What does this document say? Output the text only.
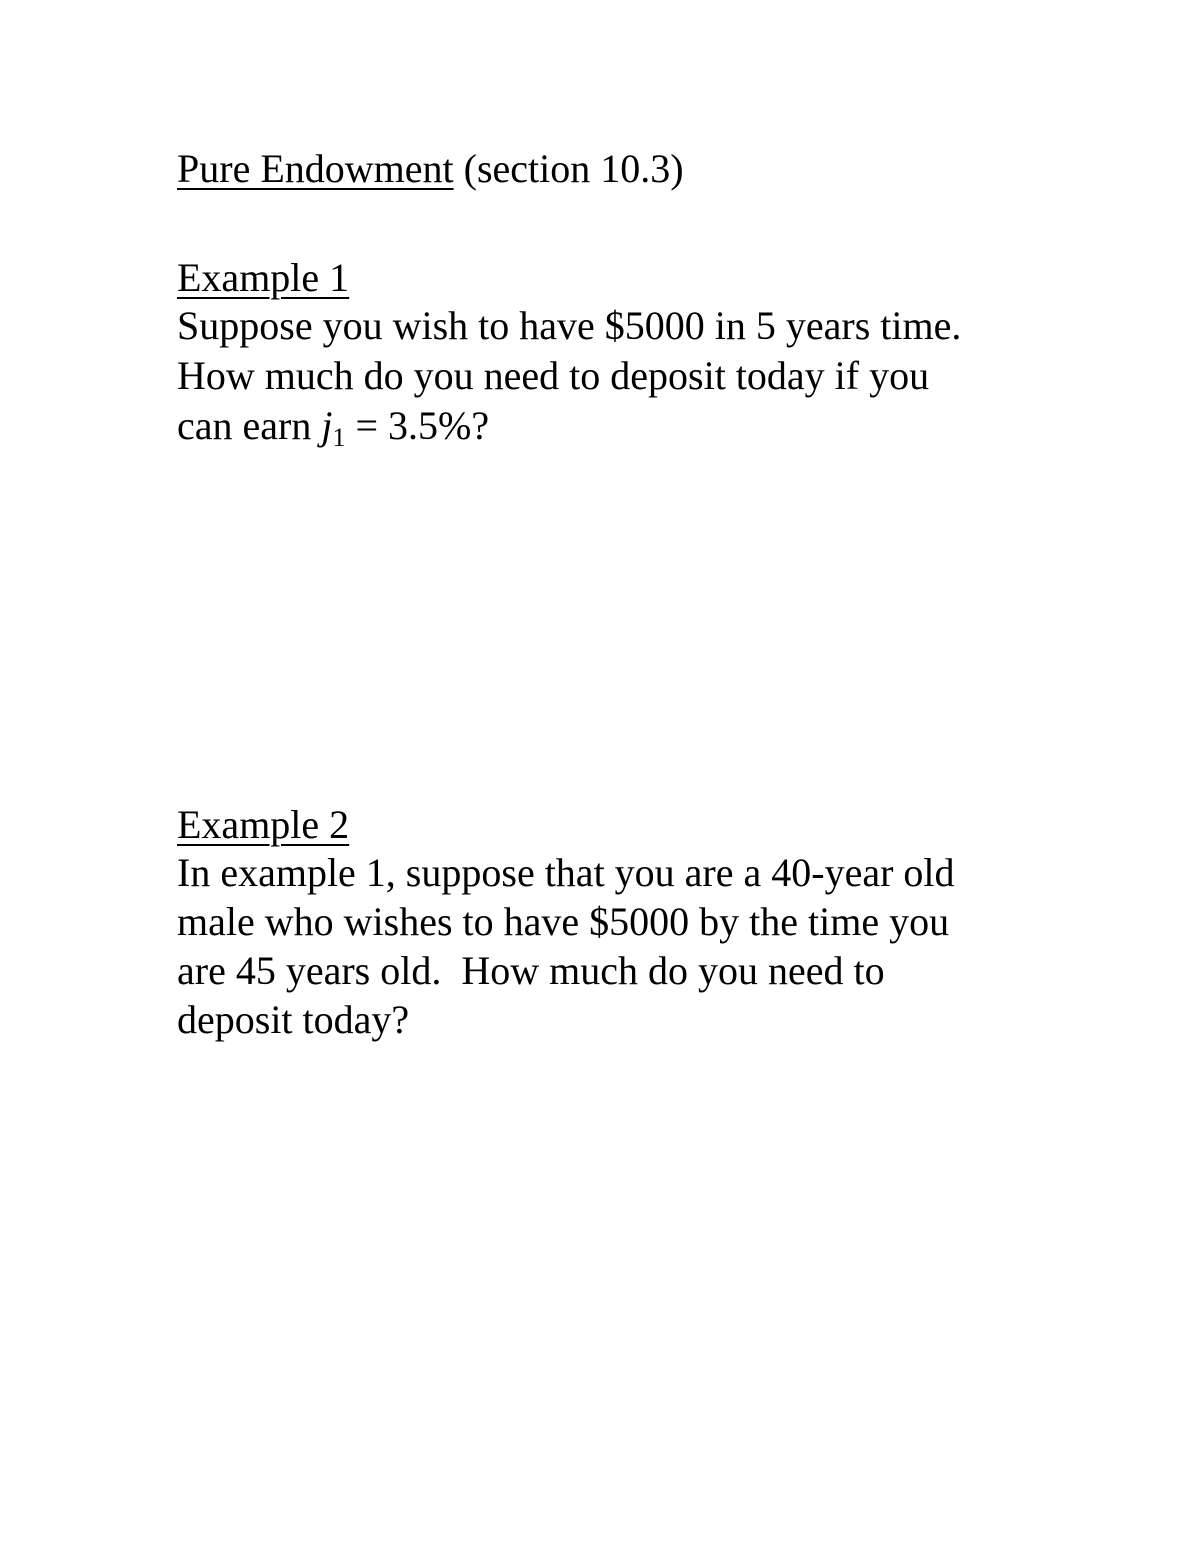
Pure Endowment (section 10.3)
Example 1
Suppose you wish to have $5000 in 5 years time.
How much do you need to deposit today if you
can earn $j_1 = 3.5\%$?
Example 2
In example 1, suppose that you are a 40-year old
male who wishes to have $5000 by the time you
are 45 years old.  How much do you need to
deposit today?
